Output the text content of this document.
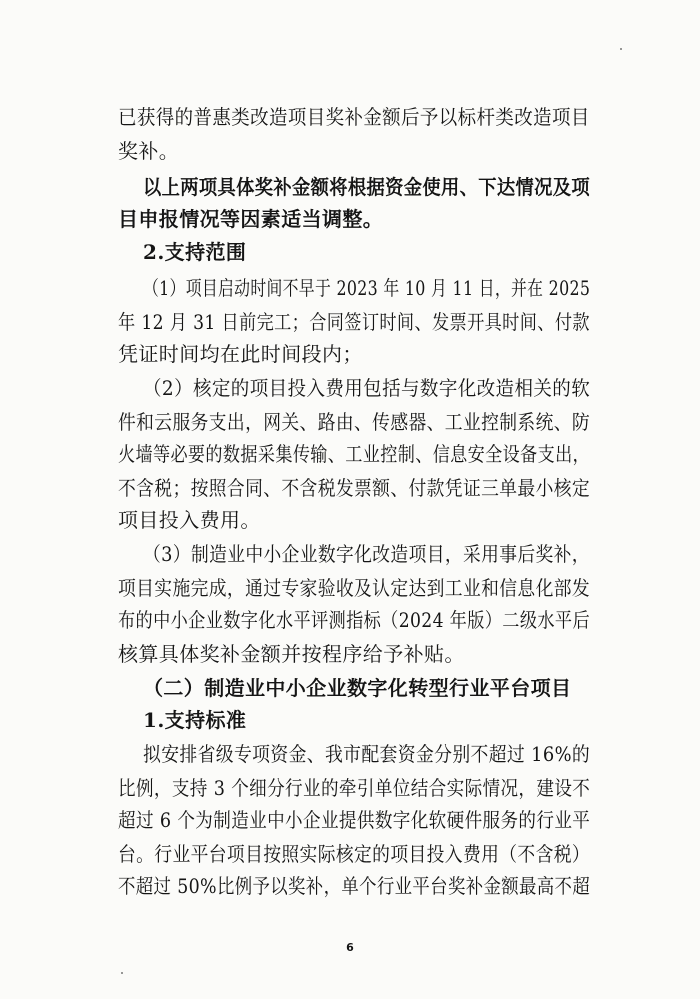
已获得的普惠类改造项目奖补金额后予以标杆类改造项目
奖补。
以上两项具体奖补金额将根据资金使用、下达情况及项
目申报情况等因素适当调整。
2.支持范围
（1）项目启动时间不早于 2023 年 10 月 11 日，并在 2025
年 12 月 31 日前完工；合同签订时间、发票开具时间、付款
凭证时间均在此时间段内；
（2）核定的项目投入费用包括与数字化改造相关的软
件和云服务支出，网关、路由、传感器、工业控制系统、防
火墙等必要的数据采集传输、工业控制、信息安全设备支出，
不含税；按照合同、不含税发票额、付款凭证三单最小核定
项目投入费用。
（3）制造业中小企业数字化改造项目，采用事后奖补，
项目实施完成，通过专家验收及认定达到工业和信息化部发
布的中小企业数字化水平评测指标（2024 年版）二级水平后
核算具体奖补金额并按程序给予补贴。
（二）制造业中小企业数字化转型行业平台项目
1.支持标准
拟安排省级专项资金、我市配套资金分别不超过 16%的
比例，支持 3 个细分行业的牵引单位结合实际情况，建设不
超过 6 个为制造业中小企业提供数字化软硬件服务的行业平
台。行业平台项目按照实际核定的项目投入费用（不含税）
不超过 50%比例予以奖补，单个行业平台奖补金额最高不超
6
